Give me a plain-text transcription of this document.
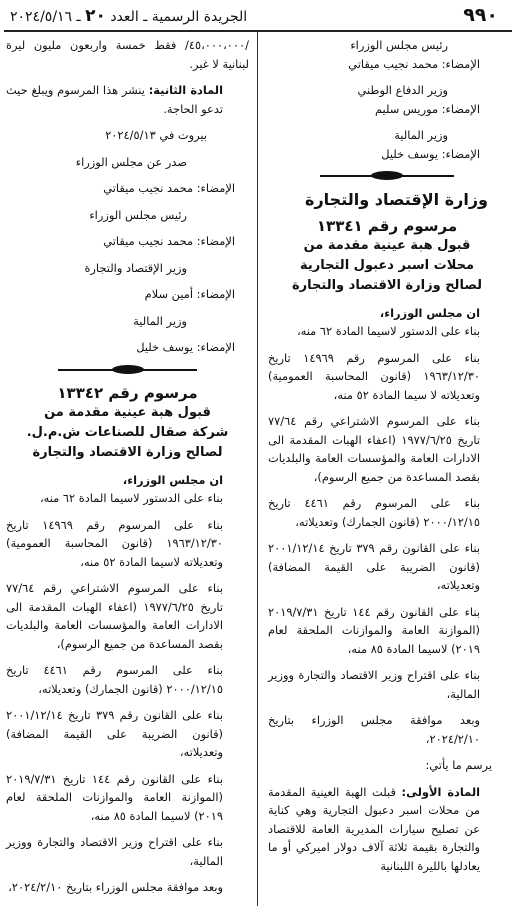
٩٩٠
الجريدة الرسمية ـ العدد ٢٠ ـ ٢٠٢٤/٥/١٦

رئيس مجلس الوزراء

الإمضاء: محمد نجيب ميقاتي

وزير الدفاع الوطني

الإمضاء: موريس سليم

وزير المالية

الإمضاء: يوسف خليل

وزارة الإقتصاد والتجارة
مرسوم رقم ١٣٣٤١
قبول هبة عينية مقدمة من
محلات اسبر دعبول التجارية
لصالح وزارة الاقتصاد والتجارة

ان مجلس الوزراء،

بناء على الدستور لاسيما المادة ٦٢ منه،

بناء على المرسوم رقم ١٤٩٦٩ تاريخ ١٩٦٣/١٢/٣٠ (قانون المحاسبة العمومية) وتعديلاته لا سيما المادة ٥٢ منه،

بناء على المرسوم الاشتراعي رقم ٧٧/٦٤ تاريخ ١٩٧٧/٦/٢٥ (اعفاء الهبات المقدمة الى الادارات العامة والمؤسسات العامة والبلديات بقصد المساعدة من جميع الرسوم)،

بناء على المرسوم رقم ٤٤٦١ تاريخ ٢٠٠٠/١٢/١٥ (قانون الجمارك) وتعديلاته،

بناء على القانون رقم ٣٧٩ تاريخ ٢٠٠١/١٢/١٤ (قانون الضريبة على القيمة المضافة) وتعديلاته،

بناء على القانون رقم ١٤٤ تاريخ ٢٠١٩/٧/٣١ (الموازنة العامة والموازنات الملحقة لعام ٢٠١٩) لاسيما المادة ٨٥ منه،

بناء على اقتراح وزير الاقتصاد والتجارة ووزير المالية،

وبعد موافقة مجلس الوزراء بتاريخ ٢٠٢٤/٢/١٠،

يرسم ما يأتي:

المادة الأولى: قبلت الهبة العينية المقدمة من محلات اسبر دعبول التجارية وهي كناية عن تصليح سيارات المديرية العامة للاقتصاد والتجارة بقيمة ثلاثة آلاف دولار اميركي أو ما يعادلها بالليرة اللبنانية

/٤٥،٠٠٠،٠٠٠/ فقط خمسة واربعون مليون ليرة لبنانية لا غير.

المادة الثانية: ينشر هذا المرسوم ويبلغ حيث تدعو الحاجة.

بيروت في ٢٠٢٤/٥/١٣

صدر عن مجلس الوزراء

الإمضاء: محمد نجيب ميقاتي

رئيس مجلس الوزراء

الإمضاء: محمد نجيب ميقاتي

وزير الإقتصاد والتجارة

الإمضاء: أمين سلام

وزير المالية

الإمضاء: يوسف خليل

مرسوم رقم ١٣٣٤٢
قبول هبة عينية مقدمة من
شركة صقال للصناعات ش.م.ل.
لصالح وزارة الاقتصاد والتجارة

ان مجلس الوزراء،

بناء على الدستور لاسيما المادة ٦٢ منه،

بناء على المرسوم رقم ١٤٩٦٩ تاريخ ١٩٦٣/١٢/٣٠ (قانون المحاسبة العمومية) وتعديلاته لاسيما المادة ٥٢ منه،

بناء على المرسوم الاشتراعي رقم ٧٧/٦٤ تاريخ ١٩٧٧/٦/٢٥ (اعفاء الهبات المقدمة الى الادارات العامة والمؤسسات العامة والبلديات بقصد المساعدة من جميع الرسوم)،

بناء على المرسوم رقم ٤٤٦١ تاريخ ٢٠٠٠/١٢/١٥ (قانون الجمارك) وتعديلاته،

بناء على القانون رقم ٣٧٩ تاريخ ٢٠٠١/١٢/١٤ (قانون الضريبة على القيمة المضافة) وتعديلاته،

بناء على القانون رقم ١٤٤ تاريخ ٢٠١٩/٧/٣١ (الموازنة العامة والموازنات الملحقة لعام ٢٠١٩) لاسيما المادة ٨٥ منه،

بناء على اقتراح وزير الاقتصاد والتجارة ووزير المالية،

وبعد موافقة مجلس الوزراء بتاريخ ٢٠٢٤/٢/١٠،
